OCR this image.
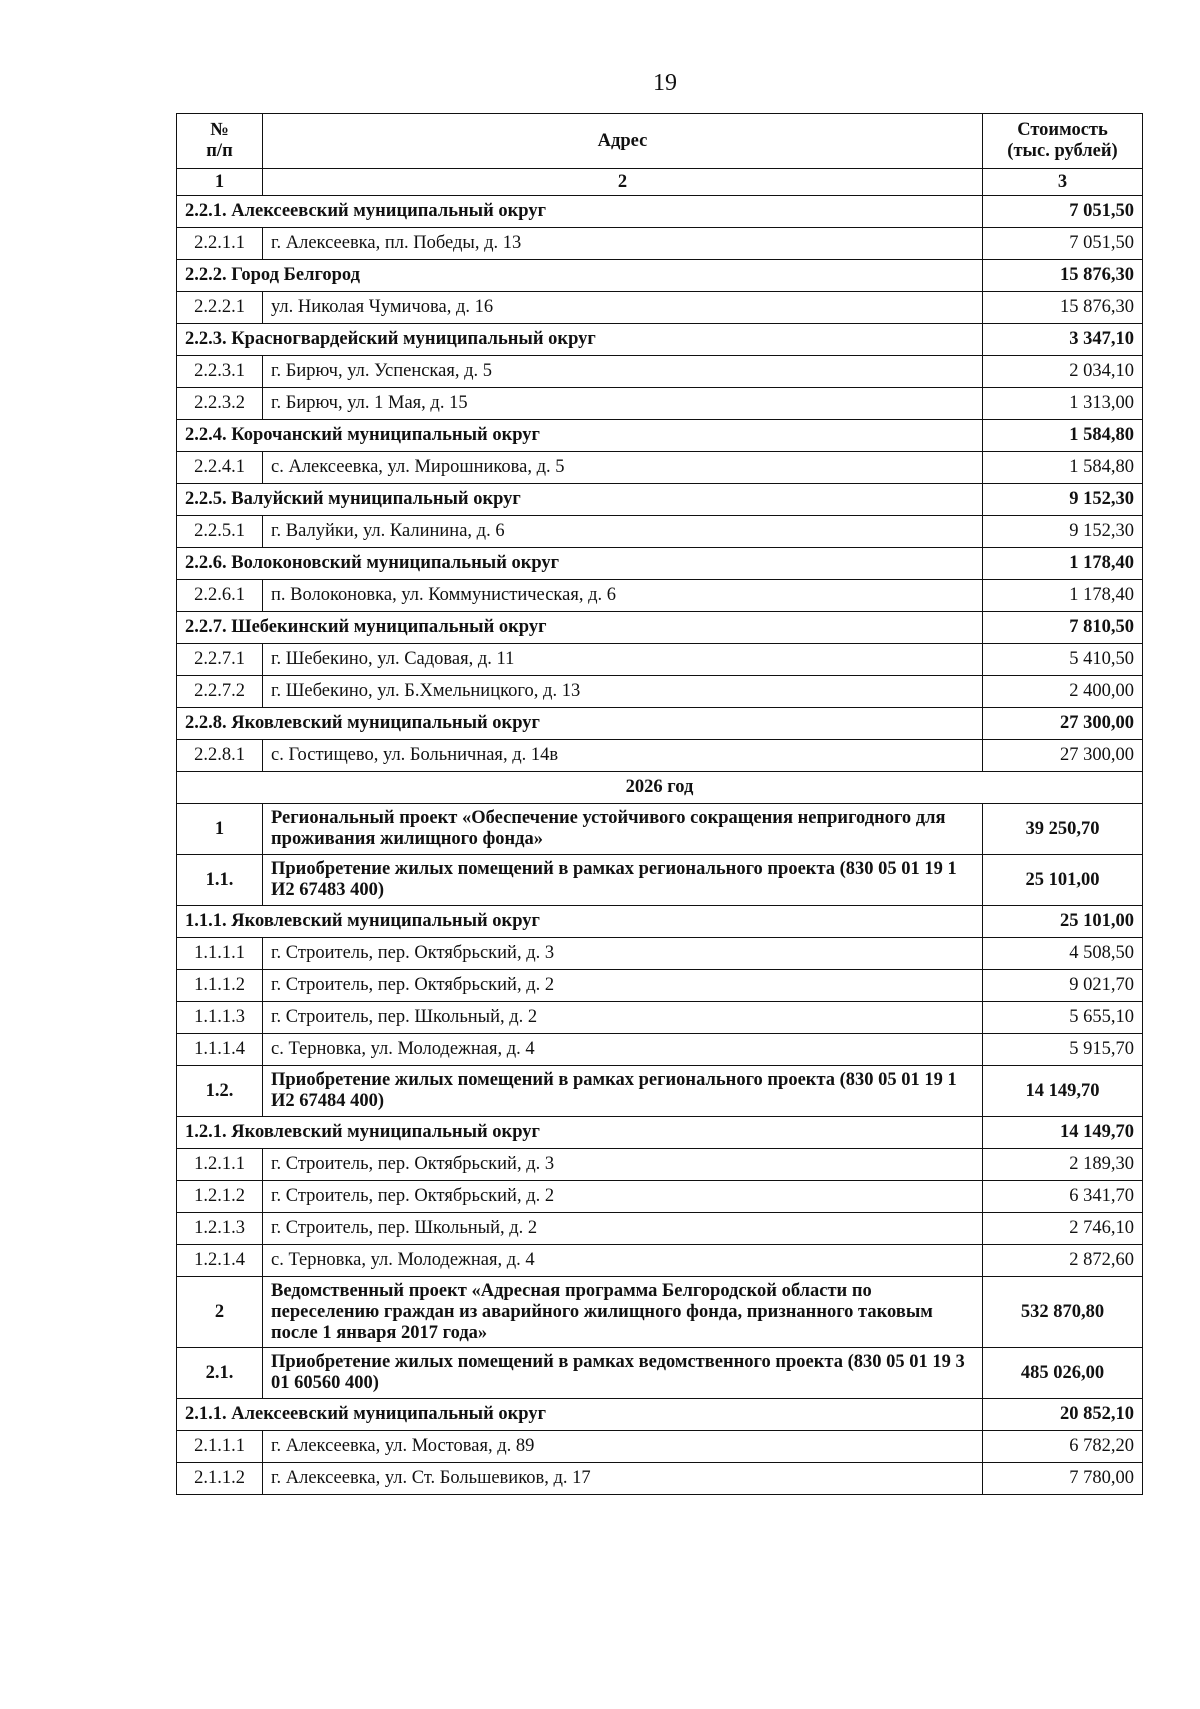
19
№
п/п	Адрес	Стоимость
(тыс. рублей)
1	2	3
2.2.1. Алексеевский муниципальный округ		7 051,50
2.2.1.1	г. Алексеевка, пл. Победы, д. 13	7 051,50
2.2.2. Город Белгород		15 876,30
2.2.2.1	ул. Николая Чумичова, д. 16	15 876,30
2.2.3. Красногвардейский муниципальный округ		3 347,10
2.2.3.1	г. Бирюч, ул. Успенская, д. 5	2 034,10
2.2.3.2	г. Бирюч, ул. 1 Мая, д. 15	1 313,00
2.2.4. Корочанский муниципальный округ		1 584,80
2.2.4.1	с. Алексеевка, ул. Мирошникова, д. 5	1 584,80
2.2.5. Валуйский муниципальный округ		9 152,30
2.2.5.1	г. Валуйки, ул. Калинина, д. 6	9 152,30
2.2.6. Волоконовский муниципальный округ		1 178,40
2.2.6.1	п. Волоконовка, ул. Коммунистическая, д. 6	1 178,40
2.2.7. Шебекинский муниципальный округ		7 810,50
2.2.7.1	г. Шебекино, ул. Садовая, д. 11	5 410,50
2.2.7.2	г. Шебекино, ул. Б.Хмельницкого, д. 13	2 400,00
2.2.8. Яковлевский муниципальный округ		27 300,00
2.2.8.1	с. Гостищево, ул. Больничная, д. 14в	27 300,00
2026 год		
1	Региональный проект «Обеспечение устойчивого сокращения непригодного для проживания жилищного фонда»	39 250,70
1.1.	Приобретение жилых помещений в рамках регионального проекта (830 05 01 19 1 И2 67483 400)	25 101,00
1.1.1. Яковлевский муниципальный округ		25 101,00
1.1.1.1	г. Строитель, пер. Октябрьский, д. 3	4 508,50
1.1.1.2	г. Строитель, пер. Октябрьский, д. 2	9 021,70
1.1.1.3	г. Строитель, пер. Школьный, д. 2	5 655,10
1.1.1.4	с. Терновка, ул. Молодежная, д. 4	5 915,70
1.2.	Приобретение жилых помещений в рамках регионального проекта (830 05 01 19 1 И2 67484 400)	14 149,70
1.2.1. Яковлевский муниципальный округ		14 149,70
1.2.1.1	г. Строитель, пер. Октябрьский, д. 3	2 189,30
1.2.1.2	г. Строитель, пер. Октябрьский, д. 2	6 341,70
1.2.1.3	г. Строитель, пер. Школьный, д. 2	2 746,10
1.2.1.4	с. Терновка, ул. Молодежная, д. 4	2 872,60
2	Ведомственный проект «Адресная программа Белгородской области по переселению граждан из аварийного жилищного фонда, признанного таковым после 1 января 2017 года»	532 870,80
2.1.	Приобретение жилых помещений в рамках ведомственного проекта (830 05 01 19 3 01 60560 400)	485 026,00
2.1.1. Алексеевский муниципальный округ		20 852,10
2.1.1.1	г. Алексеевка, ул. Мостовая, д. 89	6 782,20
2.1.1.2	г. Алексеевка, ул. Ст. Большевиков, д. 17	7 780,00
